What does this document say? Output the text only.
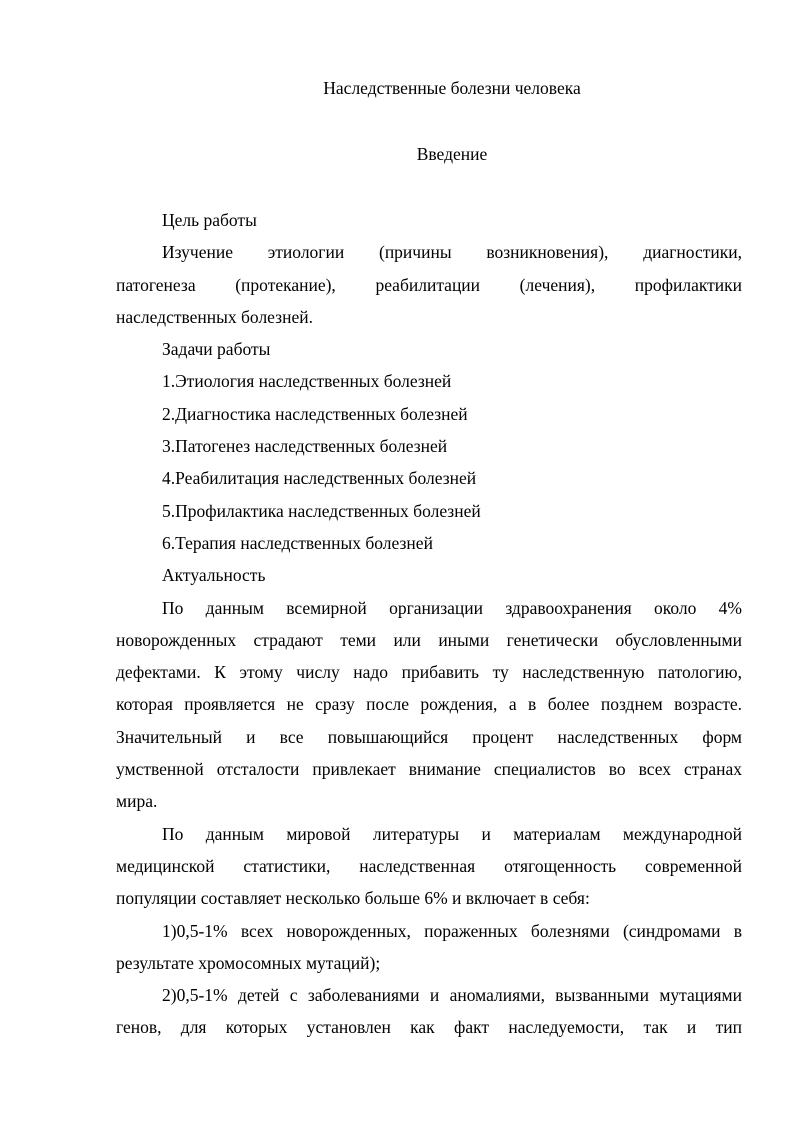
Наследственные болезни человека
Введение
Цель работы
Изучение этиологии (причины возникновения), диагностики,
патогенеза (протекание), реабилитации (лечения), профилактики
наследственных болезней.
Задачи работы
1.Этиология наследственных болезней
2.Диагностика наследственных болезней
3.Патогенез наследственных болезней
4.Реабилитация наследственных болезней
5.Профилактика наследственных болезней
6.Терапия наследственных болезней
Актуальность
По данным всемирной организации здравоохранения около 4%
новорожденных страдают теми или иными генетически обусловленными
дефектами. К этому числу надо прибавить ту наследственную патологию,
которая проявляется не сразу после рождения, а в более позднем возрасте.
Значительный и все повышающийся процент наследственных форм
умственной отсталости привлекает внимание специалистов во всех странах
мира.
По данным мировой литературы и материалам международной
медицинской статистики, наследственная отягощенность современной
популяции составляет несколько больше 6% и включает в себя:
1)0,5-1% всех новорожденных, пораженных болезнями (синдромами в
результате хромосомных мутаций);
2)0,5-1% детей с заболеваниями и аномалиями, вызванными мутациями
генов, для которых установлен как факт наследуемости, так и тип
